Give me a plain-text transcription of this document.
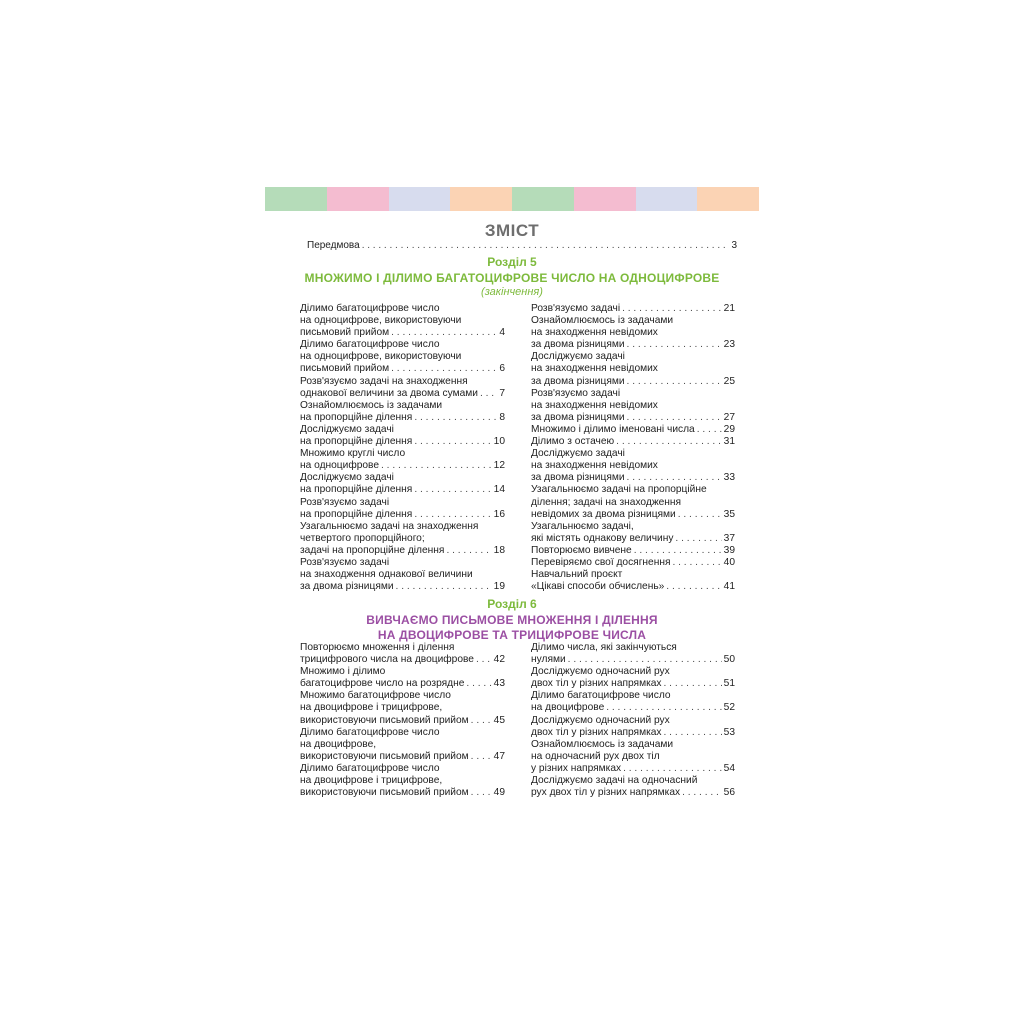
ЗМІСТ
Передмова . . .	3
Розділ 5
МНОЖИМО І ДІЛИМО БАГАТОЦИФРОВЕ ЧИСЛО НА ОДНОЦИФРОВЕ
(закінчення)
Ділимо багатоцифрове число
на одноцифрове, використовуючи
письмовий прийом . . .	4
Ділимо багатоцифрове число
на одноцифрове, використовуючи
письмовий прийом . . .	6
Розв'язуємо задачі на знаходження
однакової величини за двома сумами . . . 7
Ознайомлюємось із задачами
на пропорційне ділення . . .	8
Досліджуємо задачі
на пропорційне ділення . . .	10
Множимо круглі число
на одноцифрове . . .	12
Досліджуємо задачі
на пропорційне ділення . . .	14
Розв'язуємо задачі
на пропорційне ділення . . .	16
Узагальнюємо задачі на знаходження
четвертого пропорційного;
задачі на пропорційне ділення . . .	18
Розв'язуємо задачі
на знаходження однакової величини
за двома різницями . . .	19
Розв'язуємо задачі . . .	21
Ознайомлюємось із задачами
на знаходження невідомих
за двома різницями . . .	23
Досліджуємо задачі
на знаходження невідомих
за двома різницями . . .	25
Розв'язуємо задачі
на знаходження невідомих
за двома різницями . . .	27
Множимо і ділимо іменовані числа . . .	29
Ділимо з остачею . . .	31
Досліджуємо задачі
на знаходження невідомих
за двома різницями . . .	33
Узагальнюємо задачі на пропорційне
ділення; задачі на знаходження
невідомих за двома різницями . . .	35
Узагальнюємо задачі,
які містять однакову величину . . .	37
Повторюємо вивчене . . .	39
Перевіряємо свої досягнення . . .	40
Навчальний проєкт
«Цікаві способи обчислень» . . .	41
Розділ 6
ВИВЧАЄМО ПИСЬМОВЕ МНОЖЕННЯ І ДІЛЕННЯ
НА ДВОЦИФРОВЕ ТА ТРИЦИФРОВЕ ЧИСЛА
Повторюємо множення і ділення
трицифрового числа на двоцифрове . . . 42
Множимо і ділимо
багатоцифрове число на розрядне . . .	43
Множимо багатоцифрове число
на двоцифрове і трицифрове,
використовуючи письмовий прийом . . . 45
Ділимо багатоцифрове число
на двоцифрове,
використовуючи письмовий прийом . . . 47
Ділимо багатоцифрове число
на двоцифрове і трицифрове,
використовуючи письмовий прийом . . . 49
Ділимо числа, які закінчуються
нулями . . .	50
Досліджуємо одночасний рух
двох тіл у різних напрямках . . .	51
Ділимо багатоцифрове число
на двоцифрове . . .	52
Досліджуємо одночасний рух
двох тіл у різних напрямках . . .	53
Ознайомлюємось із задачами
на одночасний рух двох тіл
у різних напрямках . . .	54
Досліджуємо задачі на одночасний
рух двох тіл у різних напрямках . . .	56
